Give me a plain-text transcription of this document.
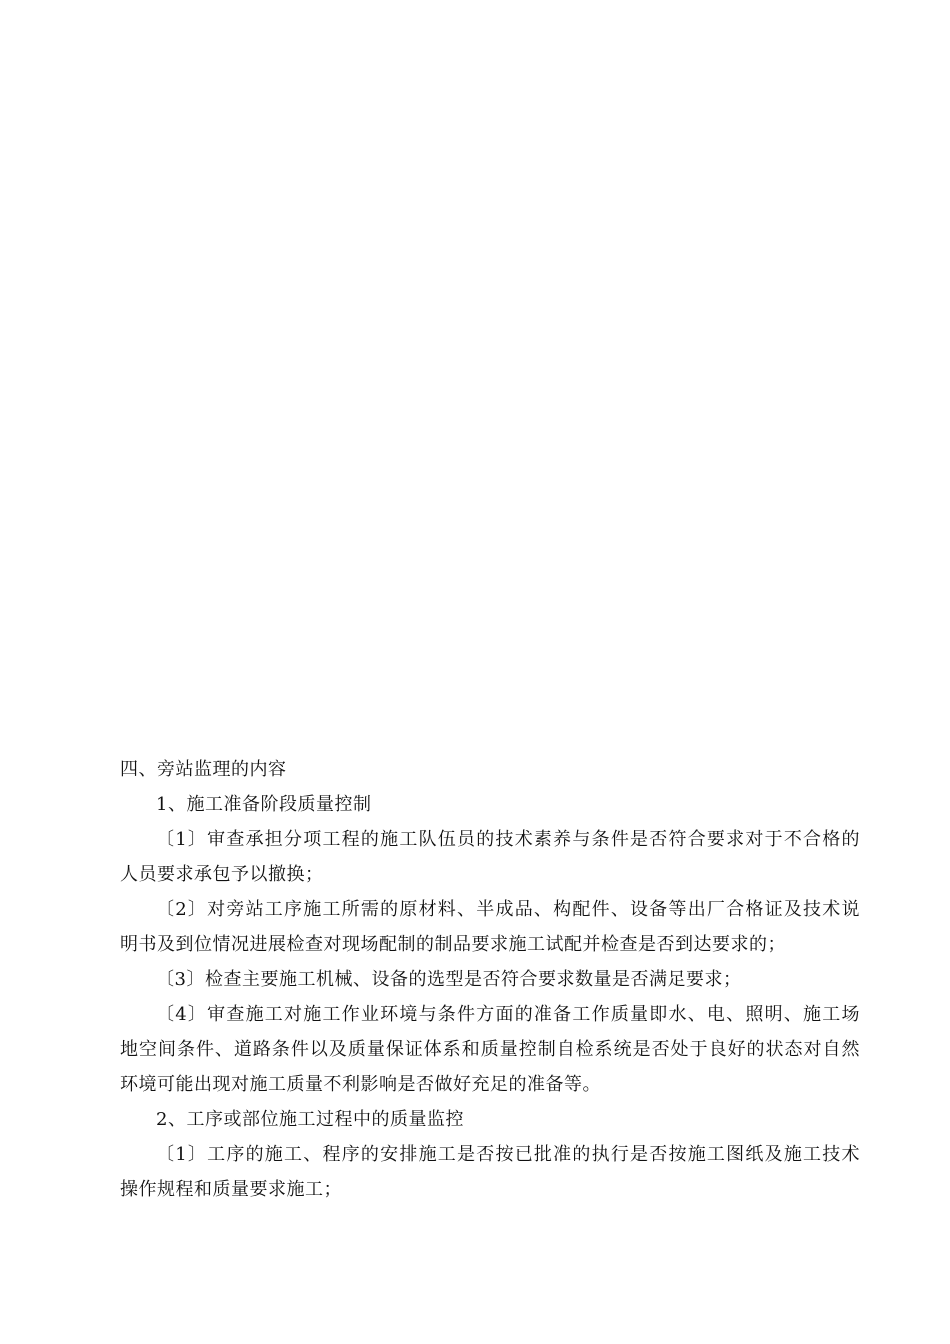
四、旁站监理的内容

1、施工准备阶段质量控制

〔1〕审查承担分项工程的施工队伍员的技术素养与条件是否符合要求对于不合格的

人员要求承包予以撤换；

〔2〕对旁站工序施工所需的原材料、半成品、构配件、设备等出厂合格证及技术说

明书及到位情况进展检查对现场配制的制品要求施工试配并检查是否到达要求的；

〔3〕检查主要施工机械、设备的选型是否符合要求数量是否满足要求；

〔4〕审查施工对施工作业环境与条件方面的准备工作质量即水、电、照明、施工场

地空间条件、道路条件以及质量保证体系和质量控制自检系统是否处于良好的状态对自然

环境可能出现对施工质量不利影响是否做好充足的准备等。

2、工序或部位施工过程中的质量监控

〔1〕工序的施工、程序的安排施工是否按已批准的执行是否按施工图纸及施工技术

操作规程和质量要求施工；
